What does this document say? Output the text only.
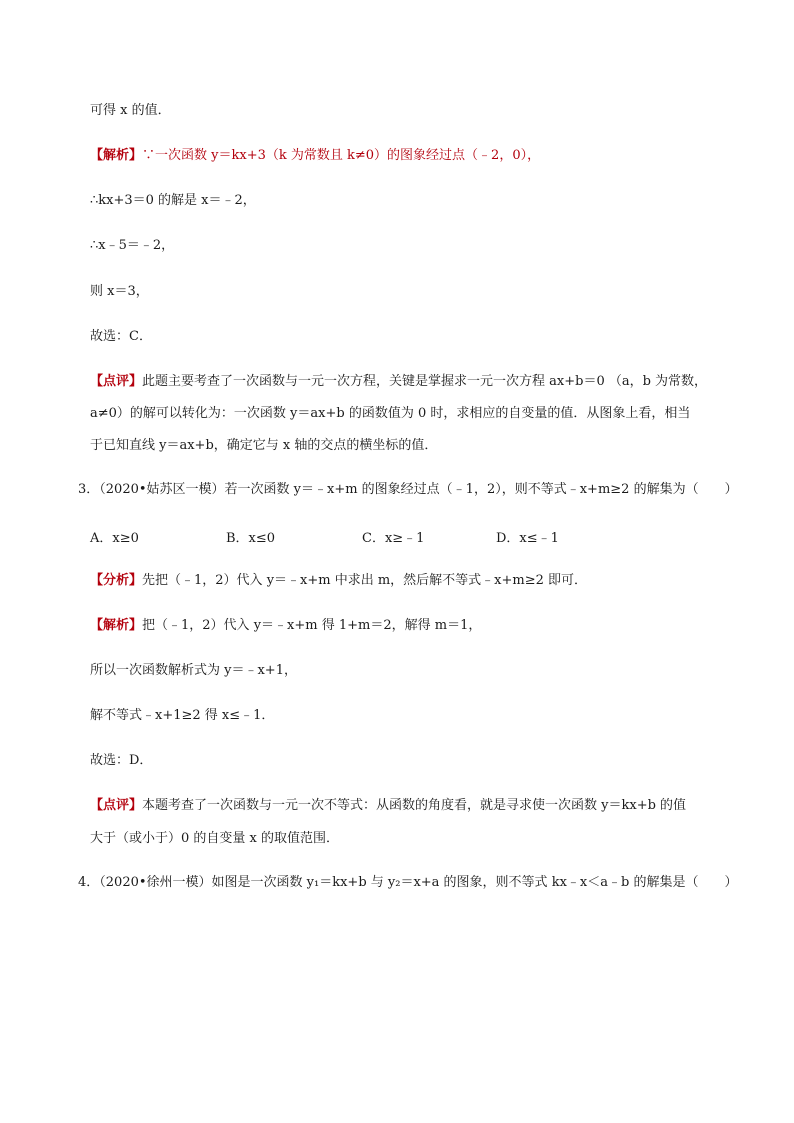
可得 x 的值．
【解析】∵一次函数 y＝kx+3（k 为常数且 k≠0）的图象经过点（﹣2，0），
∴kx+3＝0 的解是 x＝﹣2，
∴x﹣5＝﹣2，
则 x＝3，
故选：C．
【点评】此题主要考查了一次函数与一元一次方程，关键是掌握求一元一次方程 ax+b＝0 （a，b 为常数，
a≠0）的解可以转化为：一次函数 y＝ax+b 的函数值为 0 时，求相应的自变量的值．从图象上看，相当
于已知直线 y＝ax+b，确定它与 x 轴的交点的横坐标的值．
3．（2020•姑苏区一模）若一次函数 y＝﹣x+m 的图象经过点（﹣1，2），则不等式﹣x+m≥2 的解集为（　　）
A．x≥0	B．x≤0	C．x≥﹣1	D．x≤﹣1
【分析】先把（﹣1，2）代入 y＝﹣x+m 中求出 m，然后解不等式﹣x+m≥2 即可．
【解析】把（﹣1，2）代入 y＝﹣x+m 得 1+m＝2，解得 m＝1，
所以一次函数解析式为 y＝﹣x+1，
解不等式﹣x+1≥2 得 x≤﹣1．
故选：D．
【点评】本题考查了一次函数与一元一次不等式：从函数的角度看，就是寻求使一次函数 y＝kx+b 的值
大于（或小于）0 的自变量 x 的取值范围．
4．（2020•徐州一模）如图是一次函数 y₁＝kx+b 与 y₂＝x+a 的图象，则不等式 kx﹣x＜a﹣b 的解集是（　　）
